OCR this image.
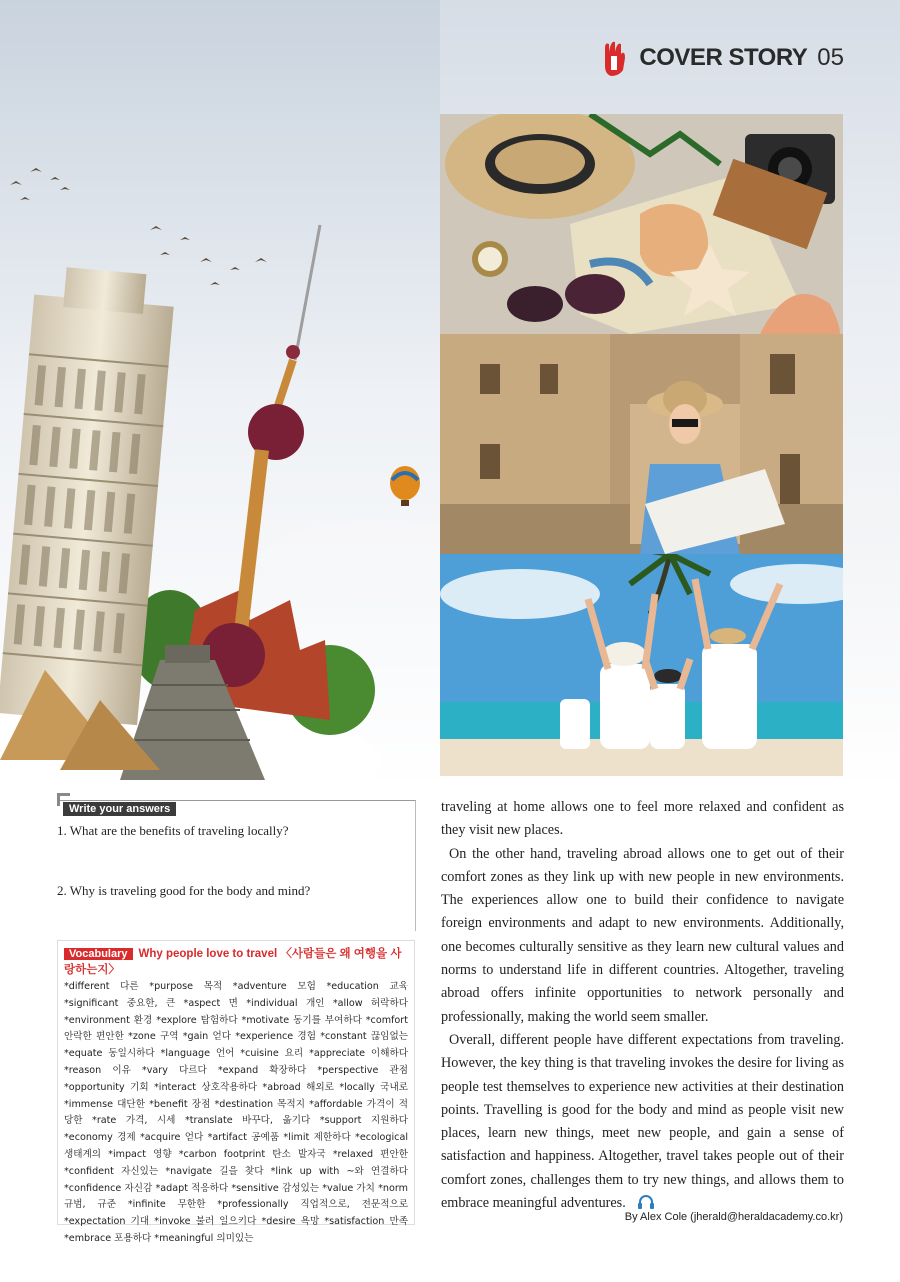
COVER STORY 05
Write your answers
1. What are the benefits of traveling locally?
2. Why is traveling good for the body and mind?
Vocabulary Why people love to travel 〈사람들은 왜 여행을 사랑하는지〉
*different 다른 *purpose 목적 *adventure 모험 *education 교육 *significant 중요한, 큰 *aspect 면 *individual 개인 *allow 허락하다 *environment 환경 *explore 탐험하다 *motivate 동기를 부여하다 *comfort 안락한 편안한 *zone 구역 *gain 얻다 *experience 경험 *constant 끊임없는 *equate 동일시하다 *language 언어 *cuisine 요리 *appreciate 이해하다 *reason 이유 *vary 다르다 *expand 확장하다 *perspective 관점 *opportunity 기회 *interact 상호작용하다 *abroad 해외로 *locally 국내로 *immense 대단한 *benefit 장점 *destination 목적지 *affordable 가격이 적당한 *rate 가격, 시세 *translate 바꾸다, 옮기다 *support 지원하다 *economy 경제 *acquire 얻다 *artifact 공예품 *limit 제한하다 *ecological 생태계의 *impact 영향 *carbon footprint 탄소 발자국 *relaxed 편안한 *confident 자신있는 *navigate 길을 찾다 *link up with ~와 연결하다 *confidence 자신감 *adapt 적응하다 *sensitive 감성있는 *value 가치 *norm 규범, 규준 *infinite 무한한 *professionally 직업적으로, 전문적으로 *expectation 기대 *invoke 불러 일으키다 *desire 욕망 *satisfaction 만족 *embrace 포용하다 *meaningful 의미있는

traveling at home allows one to feel more relaxed and confident as they visit new places.

On the other hand, traveling abroad allows one to get out of their comfort zones as they link up with new people in new environments. The experiences allow one to build their confidence to navigate foreign environments and adapt to new environments. Additionally, one becomes culturally sensitive as they learn new cultural values and norms to understand life in different countries. Altogether, traveling abroad offers infinite opportunities to network personally and professionally, making the world seem smaller.

Overall, different people have different expectations from traveling. However, the key thing is that traveling invokes the desire for living as people test themselves to experience new activities at their destination points. Travelling is good for the body and mind as people visit new places, learn new things, meet new people, and gain a sense of satisfaction and happiness. Altogether, travel takes people out of their comfort zones, challenges them to try new things, and allows them to embrace meaningful adventures.

By Alex Cole (jherald@heraldacademy.co.kr)
